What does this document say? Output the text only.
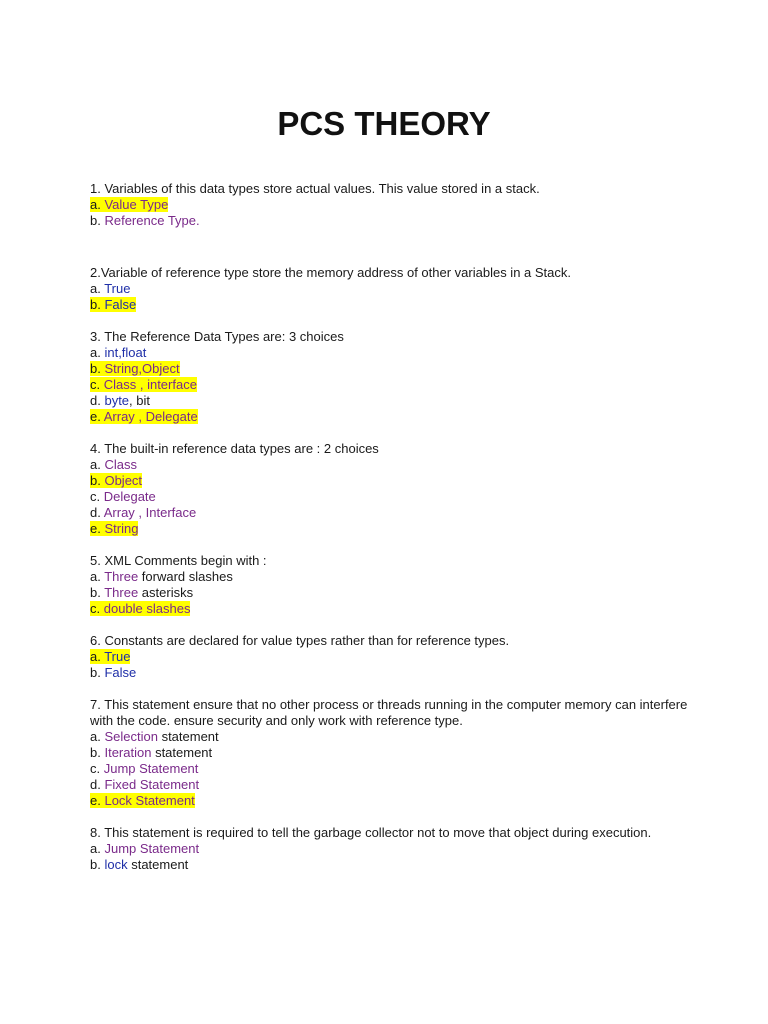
PCS THEORY
1. Variables of this data types store actual values. This value stored in a stack.
a. Value Type
b. Reference Type.
2.Variable of reference type store the memory address of other variables in a Stack.
a. True
b. False
3. The Reference Data Types are: 3 choices
a. int,float
b. String,Object
c. Class , interface
d. byte, bit
e. Array , Delegate
4. The built-in reference data types are : 2 choices
a. Class
b. Object
c. Delegate
d. Array , Interface
e. String
5. XML Comments begin with :
a. Three forward slashes
b. Three asterisks
c. double slashes
6. Constants are declared for value types rather than for reference types.
a. True
b. False
7. This statement ensure that no other process or threads running in the computer memory can interfere with the code. ensure security and only work with reference type.
a. Selection statement
b. Iteration statement
c. Jump Statement
d. Fixed Statement
e. Lock Statement
8. This statement is required to tell the garbage collector not to move that object during execution.
a. Jump Statement
b. lock statement
